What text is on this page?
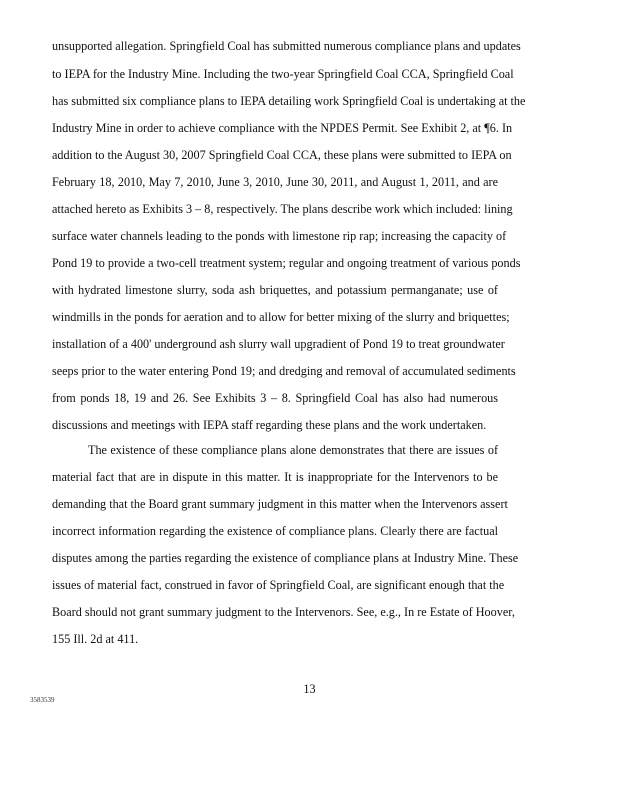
unsupported allegation. Springfield Coal has submitted numerous compliance plans and updates
to IEPA for the Industry Mine. Including the two-year Springfield Coal CCA, Springfield Coal
has submitted six compliance plans to IEPA detailing work Springfield Coal is undertaking at the
Industry Mine in order to achieve compliance with the NPDES Permit. See Exhibit 2, at ¶6. In
addition to the August 30, 2007 Springfield Coal CCA, these plans were submitted to IEPA on
February 18, 2010, May 7, 2010, June 3, 2010, June 30, 2011, and August 1, 2011, and are
attached hereto as Exhibits 3 – 8, respectively. The plans describe work which included: lining
surface water channels leading to the ponds with limestone rip rap; increasing the capacity of
Pond 19 to provide a two-cell treatment system; regular and ongoing treatment of various ponds
with hydrated limestone slurry, soda ash briquettes, and potassium permanganate; use of
windmills in the ponds for aeration and to allow for better mixing of the slurry and briquettes;
installation of a 400' underground ash slurry wall upgradient of Pond 19 to treat groundwater
seeps prior to the water entering Pond 19; and dredging and removal of accumulated sediments
from ponds 18, 19 and 26. See Exhibits 3 – 8. Springfield Coal has also had numerous
discussions and meetings with IEPA staff regarding these plans and the work undertaken.
The existence of these compliance plans alone demonstrates that there are issues of
material fact that are in dispute in this matter. It is inappropriate for the Intervenors to be
demanding that the Board grant summary judgment in this matter when the Intervenors assert
incorrect information regarding the existence of compliance plans. Clearly there are factual
disputes among the parties regarding the existence of compliance plans at Industry Mine. These
issues of material fact, construed in favor of Springfield Coal, are significant enough that the
Board should not grant summary judgment to the Intervenors. See, e.g., In re Estate of Hoover,
155 Ill. 2d at 411.
13
3583539
